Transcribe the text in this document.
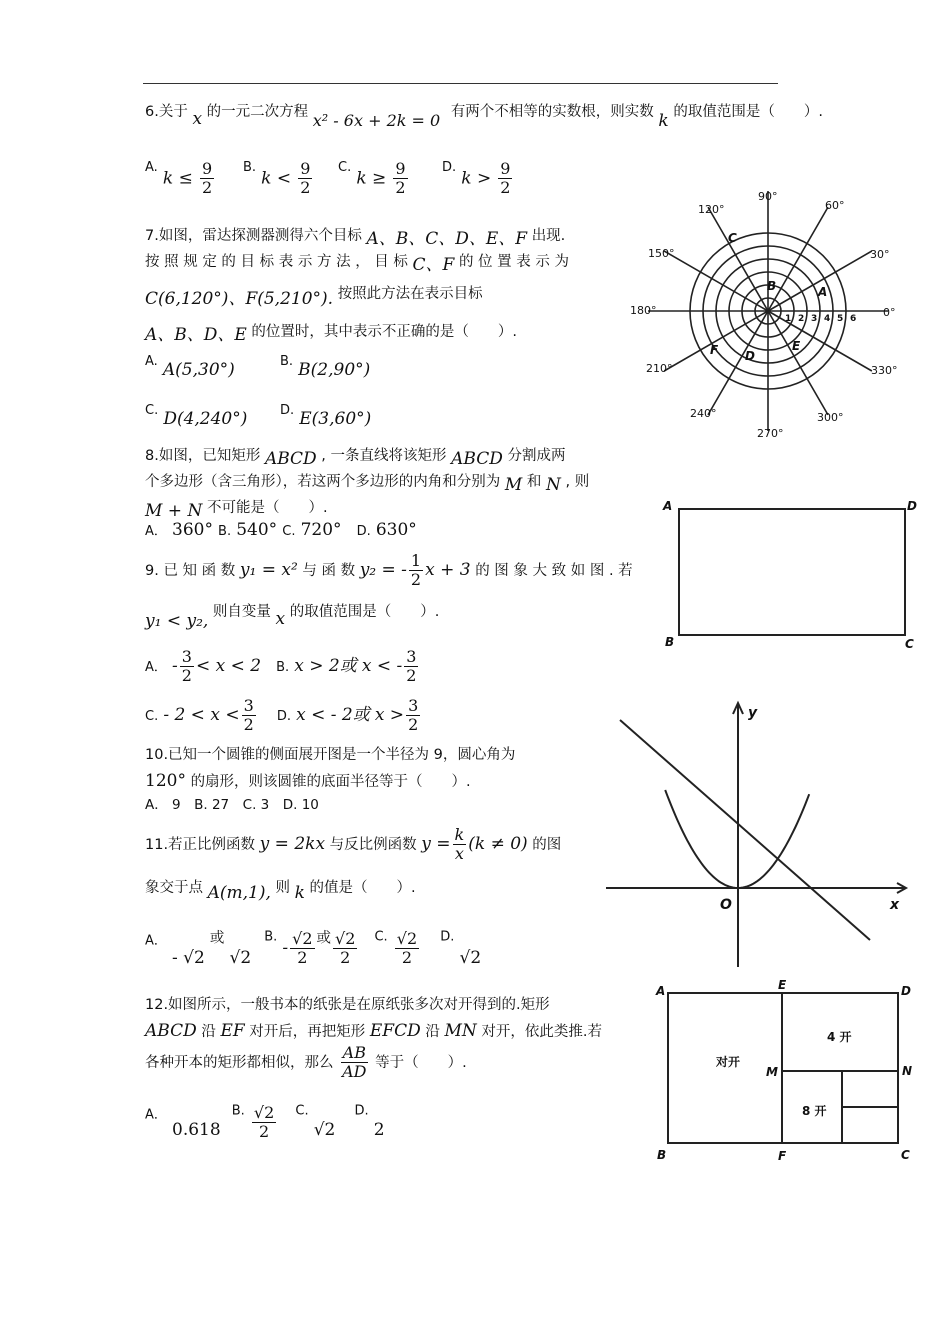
6.关于 x 的一元二次方程 x² - 6x + 2k = 0 有两个不相等的实数根，则实数 k 的取值范围是（　　）.
$^{A.}$ $k \le \frac{9}{2} ^{B.}$ $k < \frac{9}{2} ^{C.}$ $k \ge \frac{9}{2}$	$^{D.}$ $k > \frac{9}{2}$
7.如图，雷达探测器测得六个目标 A、B、C、D、E、F 出现.
按 照 规 定 的 目 标 表 示 方 法 ， 目 标 C、F 的 位 置 表 示 为
C(6,120°)、F(5,210°). 按照此方法在表示目标
A、B、D、E 的位置时，其中表示不正确的是（　　）.
$^{A.}$ A(5,30°)	$^{B.}$ B(2,90°)
$^{C.}$ D(4,240°)	$^{D.}$ E(3,60°)
0°
30°
60°
90°
120°
150°
180°
210°
240°
270°
300°
330°
1 2 3 4 5 6
A
B
C
D
E
F
8.如图，已知矩形 ABCD , 一条直线将该矩形 ABCD 分割成两
个多边形（含三角形），若这两个多边形的内角和分别为 M 和 N , 则
M + N 不可能是（　　）.
A． 360° B. 540° C. 720° D. 630°
A	D
B	C
9. 已 知 函 数 y₁ = x² 与 函 数 y₂ = - $\frac{1}{2}$ x + 3 的 图 象 大 致 如 图 . 若
y₁ < y₂, 则自变量 x 的取值范围是（　　）.
A． - $\frac{3}{2} < x < 2$ B. x > 2或 x < - $\frac{3}{2}$
C. - $2 < x < \frac{3}{2} D$. x < - 2或 $x > \frac{3}{2}$	y
x
O
10.已知一个圆锥的侧面展开图是一个半径为 9，圆心角为
120° 的扇形，则该圆锥的底面半径等于（　　）.
A． 9　B. 27　C. 3　D. 10
11.若正比例函数 y = 2kx 与反比例函数 $y = \frac{k}{x} (k \ne 0)$ 的图
象交于点 A(m,1), 则 k 的值是（　　）.
$^{A.}$ - √2 或 √2 $^{B.} - \frac{√2}{2}$ 或 $\frac{√2}{2} ^{C.} \frac{√2}{2} ^{D.}$ √2
12.如图所示，一般书本的纸张是在原纸张多次对开得到的.矩形
ABCD 沿 EF 对开后，再把矩形 EFCD 沿 MN 对开，依此类推.若
各种开本的矩形都相似，那么 $\frac{AB}{AD}$ 等于（　　）.
$^{A.}$ 0.618 $^{B.} \frac{√2}{2} ^{C.}$ √2 $^{D.}$ 2
A	E	D
B	F	C
M	N
对开
4 开
8 开
